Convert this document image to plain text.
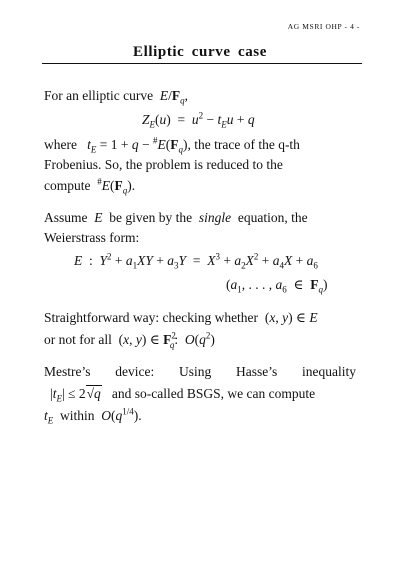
AG MSRI OHP - 4 -
Elliptic curve case
For an elliptic curve $E/F_q$,
$Z_E(u) = u^2 - t_Eu + q$
where $t_E = 1 + q - ^{\#}E(F_q)$, the trace of the q-th
Frobenius. So, the problem is reduced to the
compute $^{\#}E(F_q)$.
Assume E be given by the single equation, the
Weierstrass form:
E  :  $Y^2 + a_1XY + a_3Y = X^3 + a_2X^2 + a_4X + a_6$
($a_1$, . . . , $a_6$ ∈ $F_q$)
Straightforward way: checking whether  (x, y) ∈ E
or not for all  (x, y) ∈ $F^2_q$:  $O(q^2)$
Mestre’s device: Using Hasse’s inequality
$|t_E| \le 2√q$ and so-called BSGS, we can compute
$t_E$ within $O(q^{1/4})$.
